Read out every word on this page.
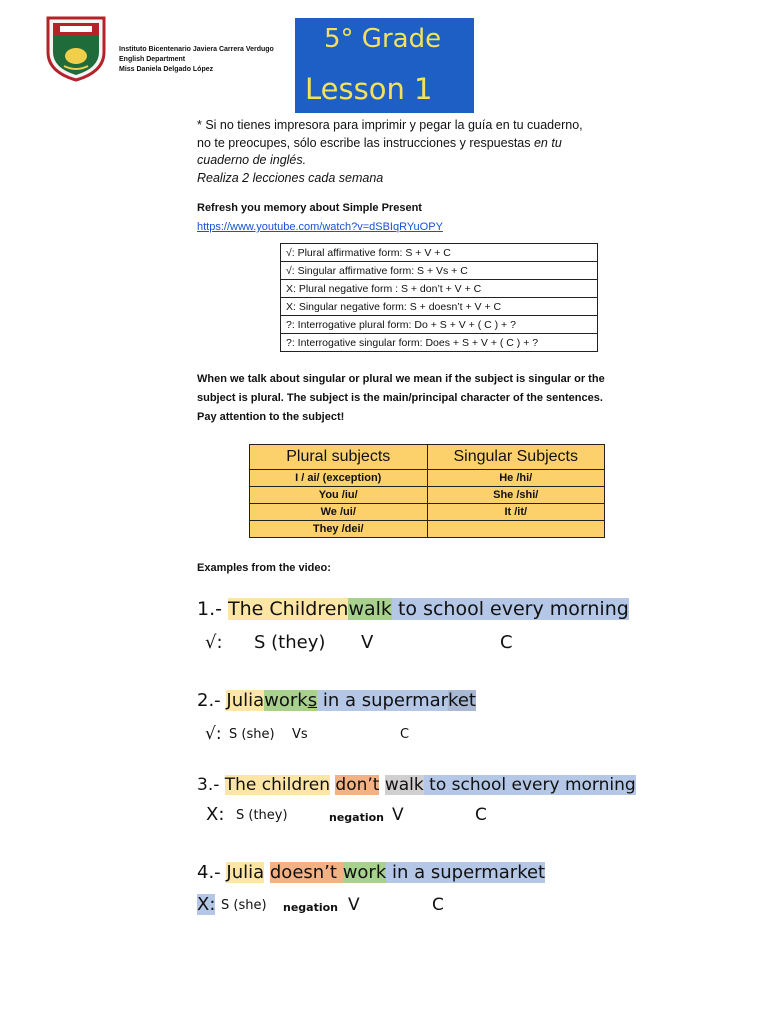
Instituto Bicentenario Javiera Carrera Verdugo
English Department
Miss Daniela Delgado López
5° Grade
Lesson 1
* Si no tienes impresora para imprimir y pegar la guía en tu cuaderno,
no te preocupes, sólo escribe las instrucciones y respuestas en tu
cuaderno de inglés.
Realiza 2 lecciones cada semana
Refresh you memory about Simple Present
https://www.youtube.com/watch?v=dSBIqRYuOPY
√: Plural affirmative form: S + V + C
√: Singular affirmative form: S + Vs + C
X: Plural negative form : S + don’t + V + C
X: Singular negative form: S + doesn’t + V + C
?: Interrogative plural form: Do + S + V + ( C ) + ?
?: Interrogative singular form: Does + S + V + ( C ) + ?
When we talk about singular or plural we mean if the subject is singular or the
subject is plural. The subject is the main/principal character of the sentences.
Pay attention to the subject!
Plural subjects	Singular Subjects
I / ai/ (exception)	He /hi/
You /iu/	She /shi/
We /ui/	It /it/
They /dei/	
Examples from the video:
1.- The Childrenwalk to school every morning
√: S (they) V	C
2.- Juliaworks in a supermarket
√: S (she) Vs	C
3.- The children don’t walk to school every morning
X: S (they)	negation V	C
4.- Julia doesn’t work in a supermarket
X: S (she) negation V	C
